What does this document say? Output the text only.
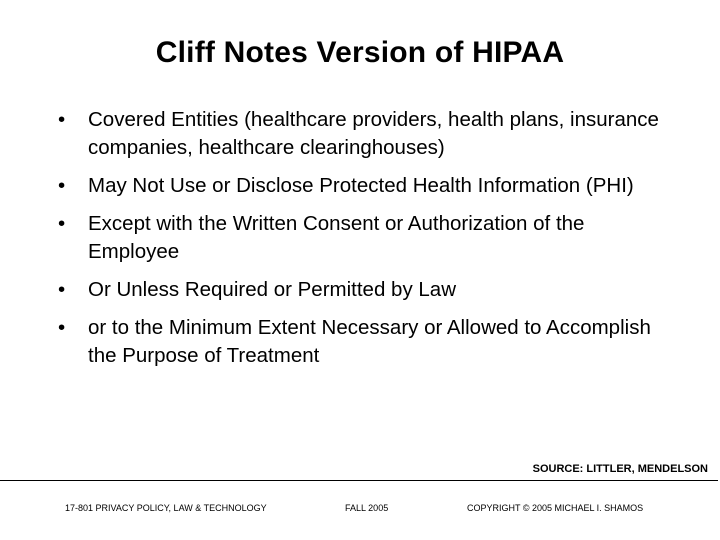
Cliff Notes Version of HIPAA
•	Covered Entities (healthcare providers, health plans, insurance companies, healthcare clearinghouses)
•	May Not Use or Disclose Protected Health Information (PHI)
•	Except with the Written Consent or Authorization of the Employee
•	Or Unless Required or Permitted by Law
•	or to the Minimum Extent Necessary or Allowed to Accomplish the Purpose of Treatment
SOURCE: LITTLER, MENDELSON
17-801 PRIVACY POLICY, LAW & TECHNOLOGY	FALL 2005	COPYRIGHT © 2005 MICHAEL I. SHAMOS
